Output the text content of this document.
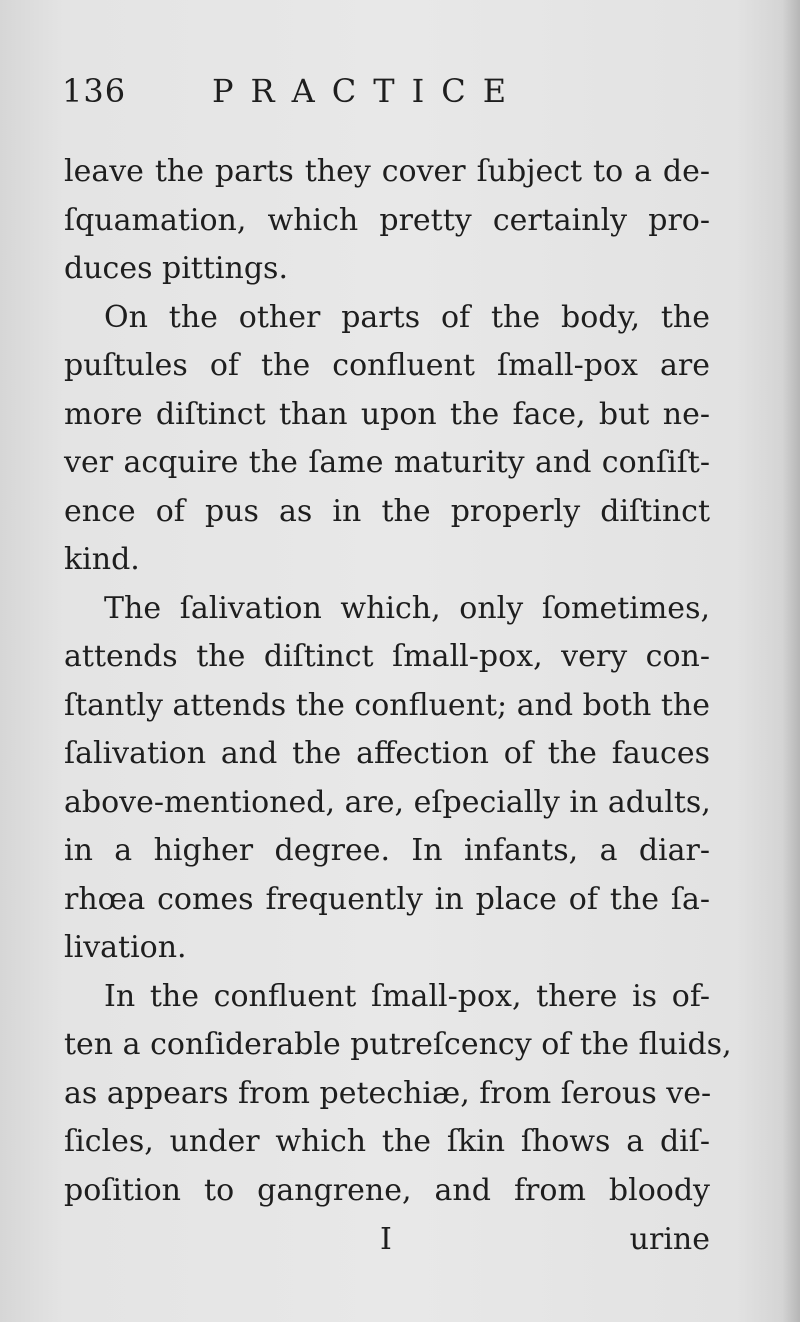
136	PRACTICE
leave the parts they cover ſubject to a de-
ſquamation, which pretty certainly pro-
duces pittings.
On the other parts of the body, the
puſtules of the confluent ſmall-pox are
more diſtinct than upon the face, but ne-
ver acquire the ſame maturity and conſiſt-
ence of pus as in the properly diſtinct
kind.
The ſalivation which, only ſometimes,
attends the diſtinct ſmall-pox, very con-
ſtantly attends the confluent; and both the
ſalivation and the affection of the fauces
above-mentioned, are, eſpecially in adults,
in a higher degree. In infants, a diar-
rhœa comes frequently in place of the ſa-
livation.
In the confluent ſmall-pox, there is of-
ten a conſiderable putreſcency of the fluids,
as appears from petechiæ, from ſerous ve-
ſicles, under which the ſkin ſhows a diſ-
poſition to gangrene, and from bloody
I	urine
